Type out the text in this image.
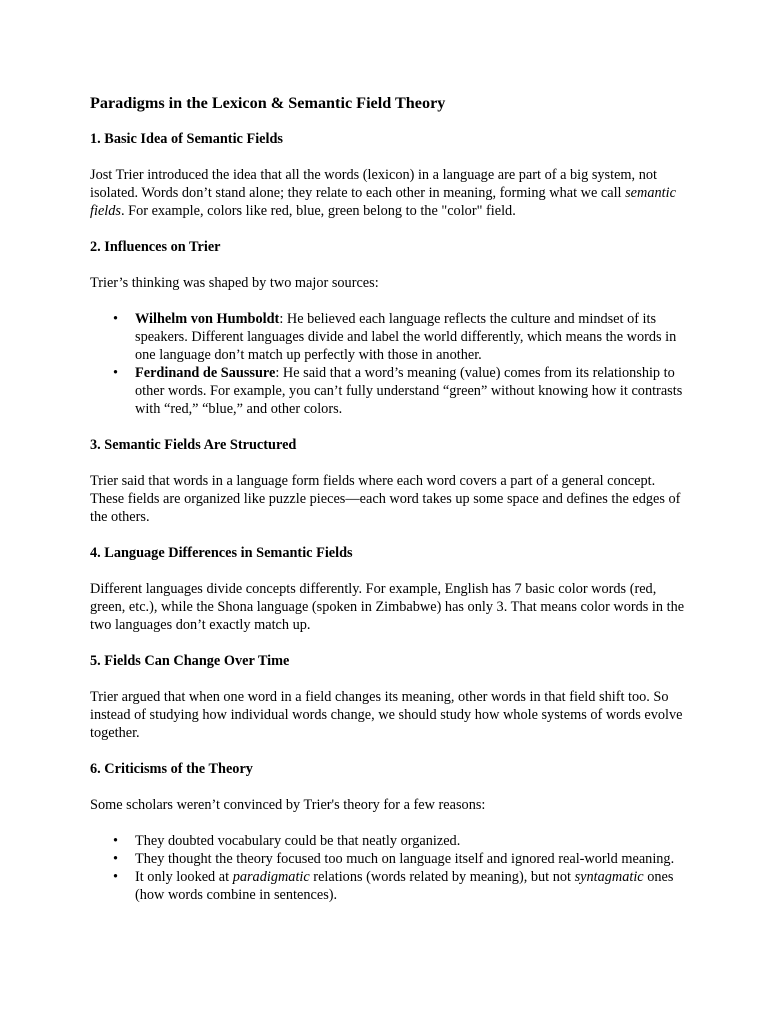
Paradigms in the Lexicon & Semantic Field Theory
1. Basic Idea of Semantic Fields

Jost Trier introduced the idea that all the words (lexicon) in a language are part of a big system, not isolated. Words don’t stand alone; they relate to each other in meaning, forming what we call semantic fields. For example, colors like red, blue, green belong to the "color" field.

2. Influences on Trier

Trier’s thinking was shaped by two major sources:

• Wilhelm von Humboldt: He believed each language reflects the culture and mindset of its speakers. Different languages divide and label the world differently, which means the words in one language don’t match up perfectly with those in another.
• Ferdinand de Saussure: He said that a word’s meaning (value) comes from its relationship to other words. For example, you can’t fully understand “green” without knowing how it contrasts with “red,” “blue,” and other colors.
3. Semantic Fields Are Structured

Trier said that words in a language form fields where each word covers a part of a general concept. These fields are organized like puzzle pieces—each word takes up some space and defines the edges of the others.

4. Language Differences in Semantic Fields

Different languages divide concepts differently. For example, English has 7 basic color words (red, green, etc.), while the Shona language (spoken in Zimbabwe) has only 3. That means color words in the two languages don’t exactly match up.

5. Fields Can Change Over Time

Trier argued that when one word in a field changes its meaning, other words in that field shift too. So instead of studying how individual words change, we should study how whole systems of words evolve together.

6. Criticisms of the Theory

Some scholars weren’t convinced by Trier's theory for a few reasons:

• They doubted vocabulary could be that neatly organized.
• They thought the theory focused too much on language itself and ignored real-world meaning.
• It only looked at paradigmatic relations (words related by meaning), but not syntagmatic ones (how words combine in sentences).
